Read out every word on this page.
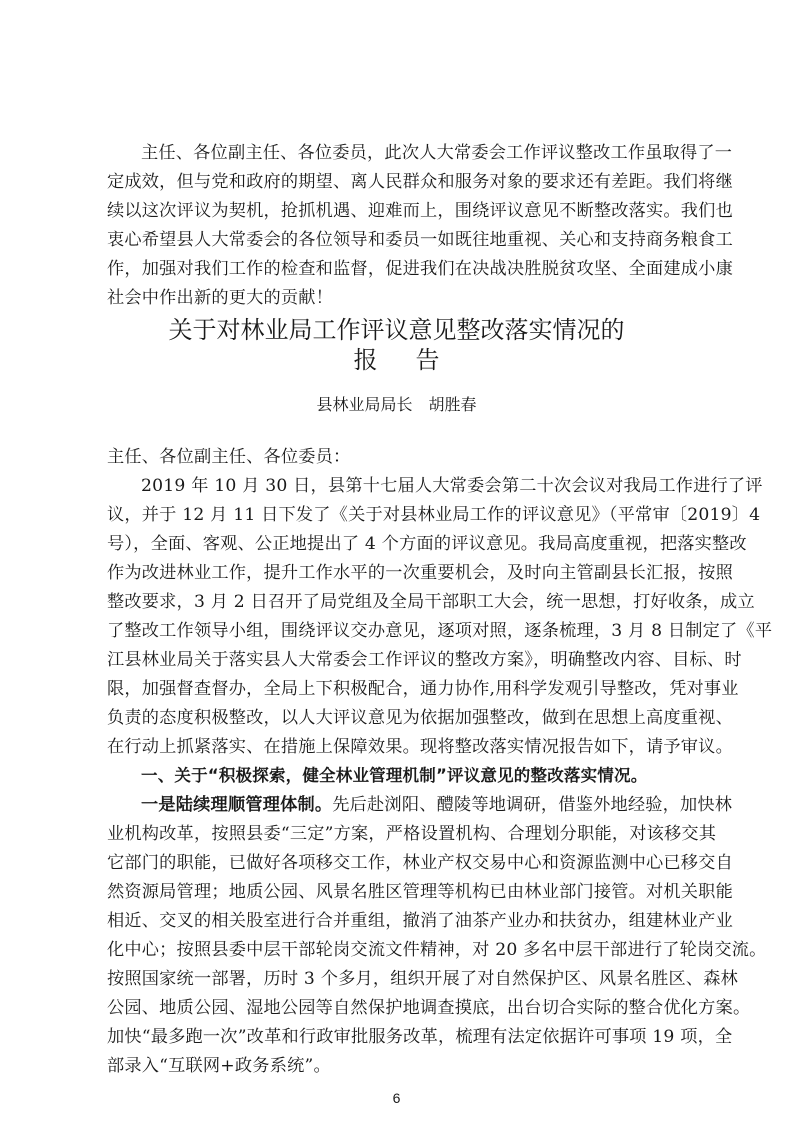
主任、各位副主任、各位委员，此次人大常委会工作评议整改工作虽取得了一
定成效，但与党和政府的期望、离人民群众和服务对象的要求还有差距。我们将继
续以这次评议为契机，抢抓机遇、迎难而上，围绕评议意见不断整改落实。我们也
衷心希望县人大常委会的各位领导和委员一如既往地重视、关心和支持商务粮食工
作，加强对我们工作的检查和监督，促进我们在决战决胜脱贫攻坚、全面建成小康
社会中作出新的更大的贡献！
关于对林业局工作评议意见整改落实情况的
报告
县林业局局长　胡胜春
主任、各位副主任、各位委员：
2019 年 10 月 30 日，县第十七届人大常委会第二十次会议对我局工作进行了评
议，并于 12 月 11 日下发了《关于对县林业局工作的评议意见》（平常审〔2019〕4
号），全面、客观、公正地提出了 4 个方面的评议意见。我局高度重视，把落实整改
作为改进林业工作，提升工作水平的一次重要机会，及时向主管副县长汇报，按照
整改要求，3 月 2 日召开了局党组及全局干部职工大会，统一思想，打好收条，成立
了整改工作领导小组，围绕评议交办意见，逐项对照，逐条梳理，3 月 8 日制定了《平
江县林业局关于落实县人大常委会工作评议的整改方案》，明确整改内容、目标、时
限，加强督查督办，全局上下积极配合，通力协作,用科学发观引导整改，凭对事业
负责的态度积极整改，以人大评议意见为依据加强整改，做到在思想上高度重视、
在行动上抓紧落实、在措施上保障效果。现将整改落实情况报告如下，请予审议。
一、关于“积极探索，健全林业管理机制”评议意见的整改落实情况。
一是陆续理顺管理体制。先后赴浏阳、醴陵等地调研，借鉴外地经验，加快林
业机构改革，按照县委“三定”方案，严格设置机构、合理划分职能，对该移交其
它部门的职能，已做好各项移交工作，林业产权交易中心和资源监测中心已移交自
然资源局管理；地质公园、风景名胜区管理等机构已由林业部门接管。对机关职能
相近、交叉的相关股室进行合并重组，撤消了油茶产业办和扶贫办，组建林业产业
化中心；按照县委中层干部轮岗交流文件精神，对 20 多名中层干部进行了轮岗交流。
按照国家统一部署，历时 3 个多月，组织开展了对自然保护区、风景名胜区、森林
公园、地质公园、湿地公园等自然保护地调查摸底，出台切合实际的整合优化方案。
加快“最多跑一次”改革和行政审批服务改革，梳理有法定依据许可事项 19 项，全
部录入“互联网+政务系统”。
6
